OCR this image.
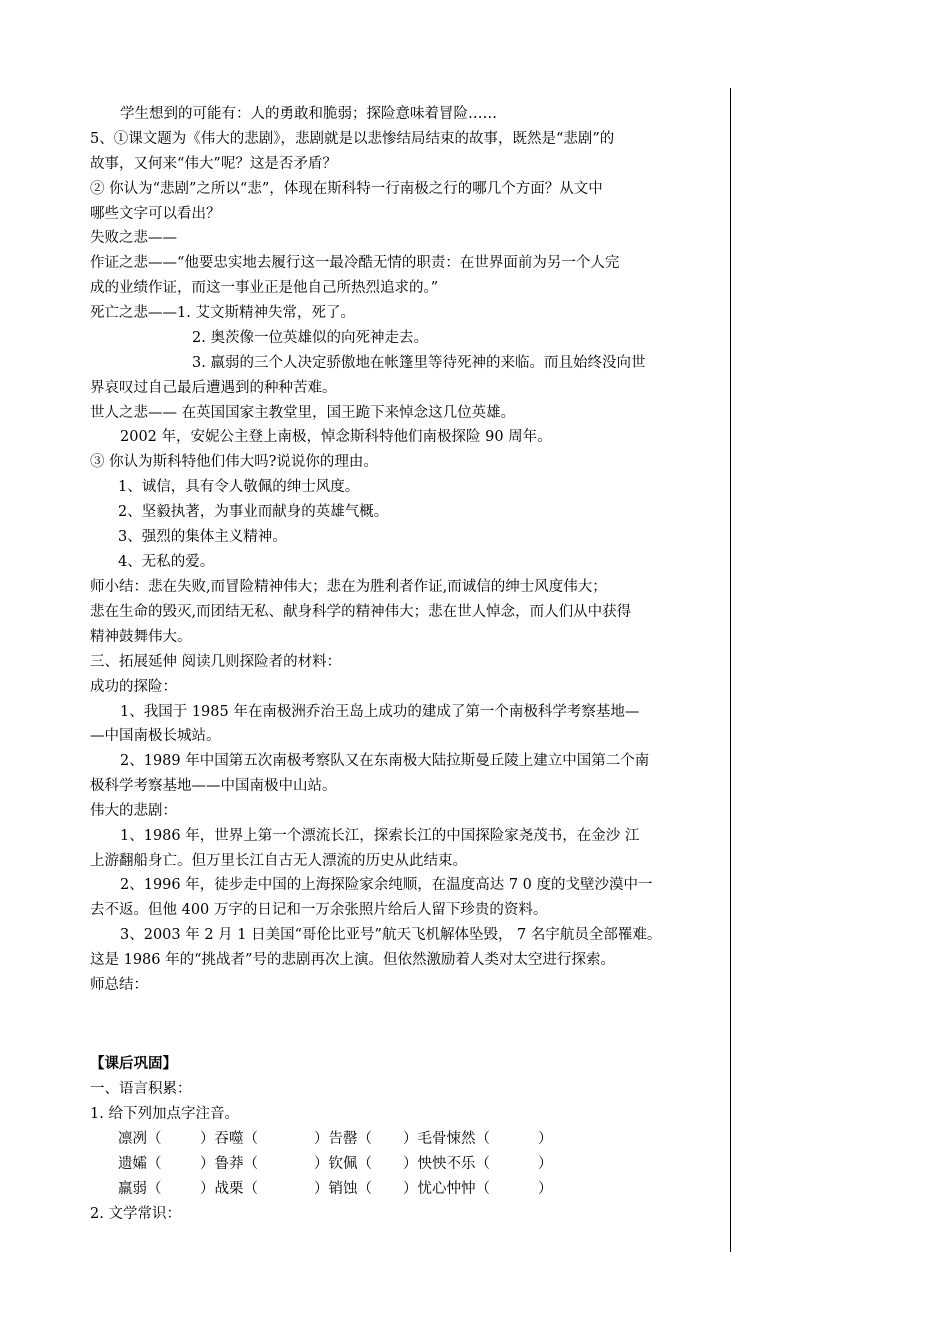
学生想到的可能有：人的勇敢和脆弱；探险意味着冒险……
5、①课文题为《伟大的悲剧》，悲剧就是以悲惨结局结束的故事，既然是“悲剧”的
故事，又何来“伟大”呢？这是否矛盾？
② 你认为“悲剧”之所以“悲”，体现在斯科特一行南极之行的哪几个方面？从文中
哪些文字可以看出？
失败之悲——
作证之悲——“他要忠实地去履行这一最冷酷无情的职责：在世界面前为另一个人完
成的业绩作证，而这一事业正是他自己所热烈追求的。”
死亡之悲——1. 艾文斯精神失常，死了。
2. 奥茨像一位英雄似的向死神走去。
3. 羸弱的三个人决定骄傲地在帐篷里等待死神的来临。而且始终没向世
界哀叹过自己最后遭遇到的种种苦难。
世人之悲—— 在英国国家主教堂里，国王跪下来悼念这几位英雄。
2002 年，安妮公主登上南极，悼念斯科特他们南极探险 90 周年。
③ 你认为斯科特他们伟大吗?说说你的理由。
1、诚信，具有令人敬佩的绅士风度。
2、坚毅执著，为事业而献身的英雄气概。
3、强烈的集体主义精神。
4、无私的爱。
师小结：悲在失败,而冒险精神伟大；悲在为胜利者作证,而诚信的绅士风度伟大；
悲在生命的毁灭,而团结无私、献身科学的精神伟大；悲在世人悼念，而人们从中获得
精神鼓舞伟大。
三、拓展延伸 阅读几则探险者的材料：
成功的探险：
1、我国于 1985 年在南极洲乔治王岛上成功的建成了第一个南极科学考察基地—
—中国南极长城站。
2、1989 年中国第五次南极考察队又在东南极大陆拉斯曼丘陵上建立中国第二个南
极科学考察基地——中国南极中山站。
伟大的悲剧：
1、1986 年，世界上第一个漂流长江，探索长江的中国探险家尧茂书，在金沙 江
上游翻船身亡。但万里长江自古无人漂流的历史从此结束。
2、1996 年，徒步走中国的上海探险家余纯顺，在温度高达 7 0 度的戈壁沙漠中一
去不返。但他 400 万字的日记和一万余张照片给后人留下珍贵的资料。
3、2003 年 2 月 1 日美国“哥伦比亚号”航天飞机解体坠毁， 7 名宇航员全部罹难。
这是 1986 年的“挑战者”号的悲剧再次上演。但依然激励着人类对太空进行探索。
师总结：
【课后巩固】
一、语言积累：
1. 给下列加点字注音。
凛冽（	）吞噬（	）告罄（ ）毛骨悚然（	）
遗孀（	）鲁莽（	）钦佩（ ）怏怏不乐（	）
羸弱（	）战栗（	）销蚀（ ）忧心忡忡（	）
2. 文学常识：
